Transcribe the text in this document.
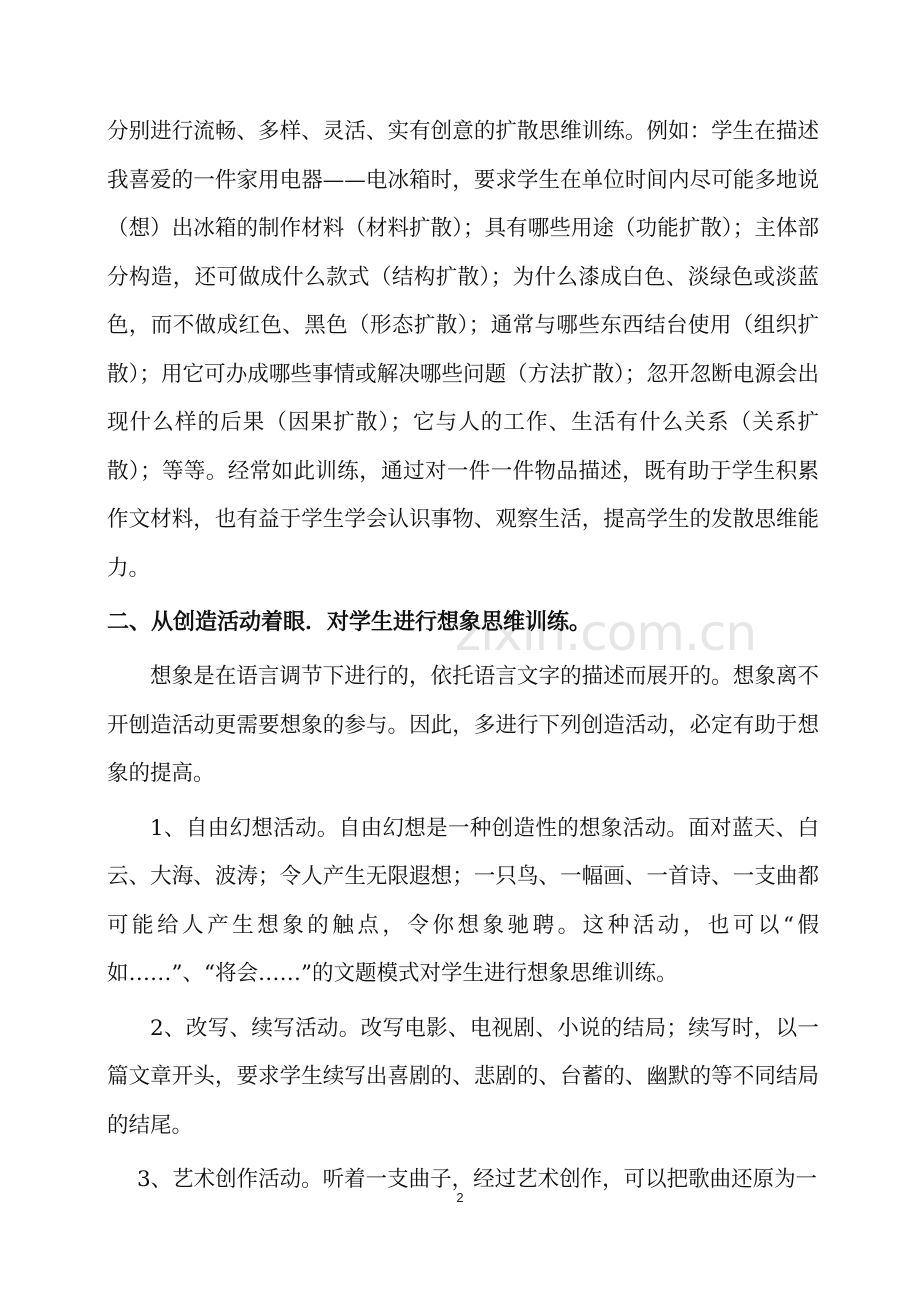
zixin.com.cn

分别进行流畅、多样、灵活、实有创意的扩散思维训练。例如：学生在描述我喜爱的一件家用电器——电冰箱时，要求学生在单位时间内尽可能多地说（想）出冰箱的制作材料（材料扩散）；具有哪些用途（功能扩散）；主体部分构造，还可做成什么款式（结构扩散）；为什么漆成白色、淡绿色或淡蓝色，而不做成红色、黑色（形态扩散）；通常与哪些东西结台使用（组织扩散）；用它可办成哪些事情或解决哪些问题（方法扩散）；忽开忽断电源会出现什么样的后果（因果扩散）；它与人的工作、生活有什么关系（关系扩散）；等等。经常如此训练，通过对一件一件物品描述，既有助于学生积累作文材料，也有益于学生学会认识事物、观察生活，提高学生的发散思维能力。

二、从创造活动着眼．对学生进行想象思维训练。

想象是在语言调节下进行的，依托语言文字的描述而展开的。想象离不开刨造活动更需要想象的参与。因此，多进行下列创造活动，必定有助于想象的提高。

1、自由幻想活动。自由幻想是一种创造性的想象活动。面对蓝天、白云、大海、波涛；令人产生无限遐想；一只鸟、一幅画、一首诗、一支曲都可能给人产生想象的触点，令你想象驰聘。这种活动，也可以“假如……”、“将会……”的文题模式对学生进行想象思维训练。

2、改写、续写活动。改写电影、电视剧、小说的结局；续写时，以一篇文章开头，要求学生续写出喜剧的、悲剧的、台蓄的、幽默的等不同结局的结尾。

3、艺术创作活动。听着一支曲子，经过艺术创作，可以把歌曲还原为一

2
